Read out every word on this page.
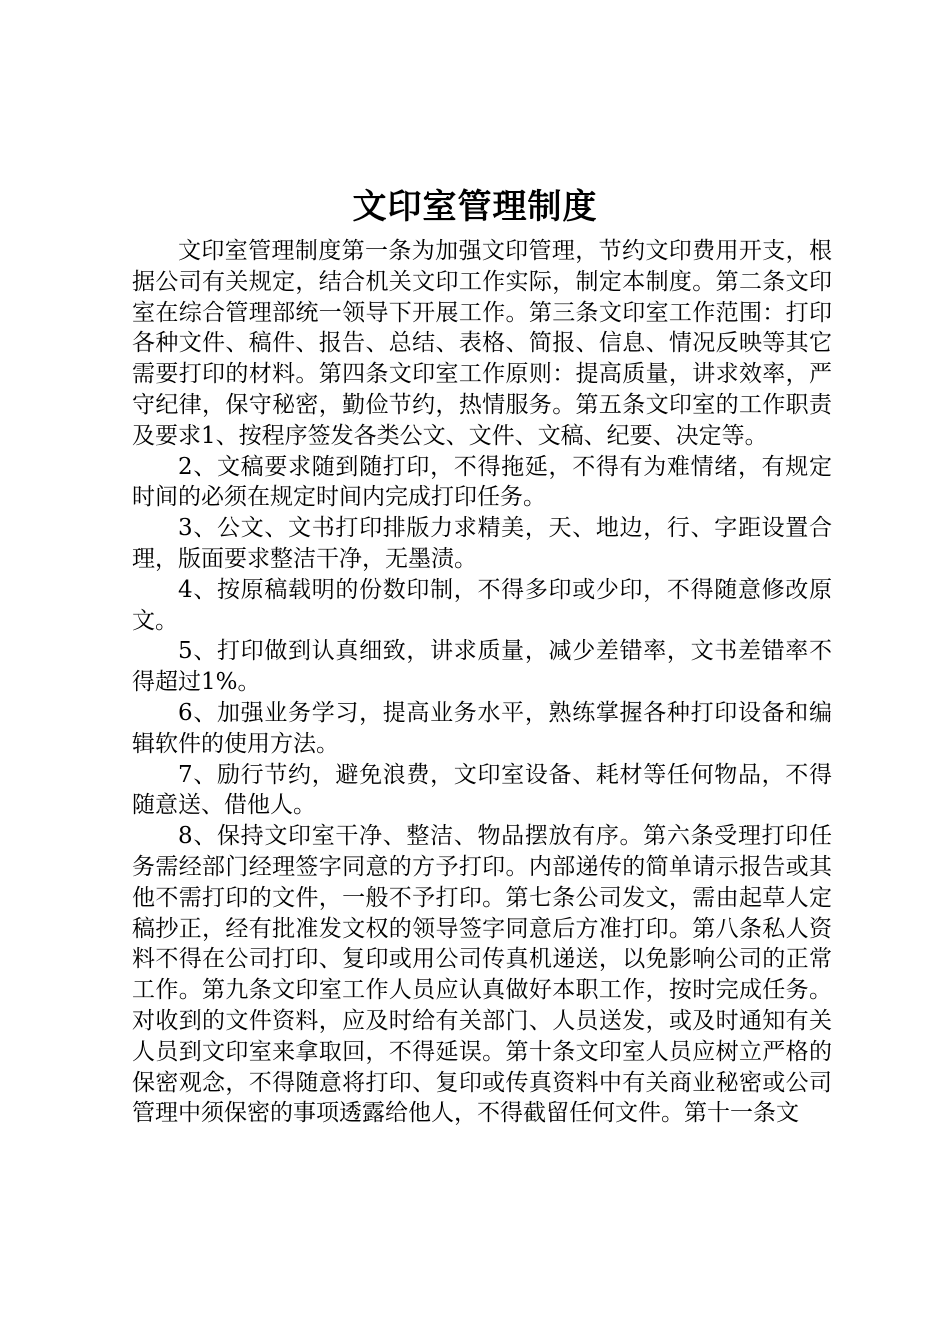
文印室管理制度

文印室管理制度第一条为加强文印管理，节约文印费用开支，根据公司有关规定，结合机关文印工作实际，制定本制度。第二条文印室在综合管理部统一领导下开展工作。第三条文印室工作范围：打印各种文件、稿件、报告、总结、表格、简报、信息、情况反映等其它需要打印的材料。第四条文印室工作原则：提高质量，讲求效率，严守纪律，保守秘密，勤俭节约，热情服务。第五条文印室的工作职责及要求1、按程序签发各类公文、文件、文稿、纪要、决定等。

2、文稿要求随到随打印，不得拖延，不得有为难情绪，有规定时间的必须在规定时间内完成打印任务。

3、公文、文书打印排版力求精美，天、地边，行、字距设置合理，版面要求整洁干净，无墨渍。

4、按原稿载明的份数印制，不得多印或少印，不得随意修改原文。

5、打印做到认真细致，讲求质量，减少差错率，文书差错率不得超过1%。

6、加强业务学习，提高业务水平，熟练掌握各种打印设备和编辑软件的使用方法。

7、励行节约，避免浪费，文印室设备、耗材等任何物品，不得随意送、借他人。

8、保持文印室干净、整洁、物品摆放有序。第六条受理打印任务需经部门经理签字同意的方予打印。内部递传的简单请示报告或其他不需打印的文件，一般不予打印。第七条公司发文，需由起草人定稿抄正，经有批准发文权的领导签字同意后方准打印。第八条私人资料不得在公司打印、复印或用公司传真机递送，以免影响公司的正常工作。第九条文印室工作人员应认真做好本职工作，按时完成任务。对收到的文件资料，应及时给有关部门、人员送发，或及时通知有关人员到文印室来拿取回，不得延误。第十条文印室人员应树立严格的保密观念，不得随意将打印、复印或传真资料中有关商业秘密或公司管理中须保密的事项透露给他人，不得截留任何文件。第十一条文
